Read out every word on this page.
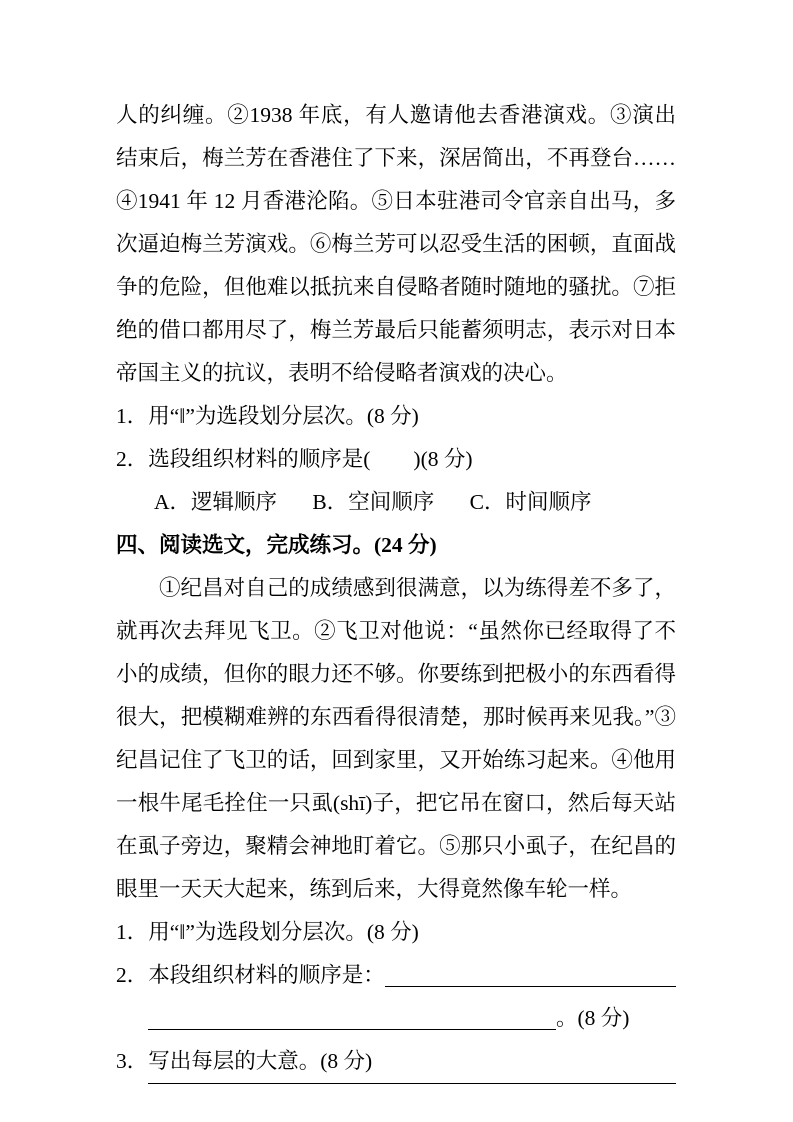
人的纠缠。②1938 年底，有人邀请他去香港演戏。③演出结束后，梅兰芳在香港住了下来，深居简出，不再登台……④1941 年 12 月香港沦陷。⑤日本驻港司令官亲自出马，多次逼迫梅兰芳演戏。⑥梅兰芳可以忍受生活的困顿，直面战争的危险，但他难以抵抗来自侵略者随时随地的骚扰。⑦拒绝的借口都用尽了，梅兰芳最后只能蓄须明志，表示对日本帝国主义的抗议，表明不给侵略者演戏的决心。

1．用“‖”为选段划分层次。(8 分)
2．选段组织材料的顺序是(　　)(8 分)
A．逻辑顺序 B．空间顺序 C．时间顺序
四、阅读选文，完成练习。(24 分)

①纪昌对自己的成绩感到很满意，以为练得差不多了，就再次去拜见飞卫。②飞卫对他说：“虽然你已经取得了不小的成绩，但你的眼力还不够。你要练到把极小的东西看得很大，把模糊难辨的东西看得很清楚，那时候再来见我。”③纪昌记住了飞卫的话，回到家里，又开始练习起来。④他用一根牛尾毛拴住一只虱(shī)子，把它吊在窗口，然后每天站在虱子旁边，聚精会神地盯着它。⑤那只小虱子，在纪昌的眼里一天天大起来，练到后来，大得竟然像车轮一样。

1．用“‖”为选段划分层次。(8 分)
2．本段组织材料的顺序是：
。(8 分)
3．写出每层的大意。(8 分)
